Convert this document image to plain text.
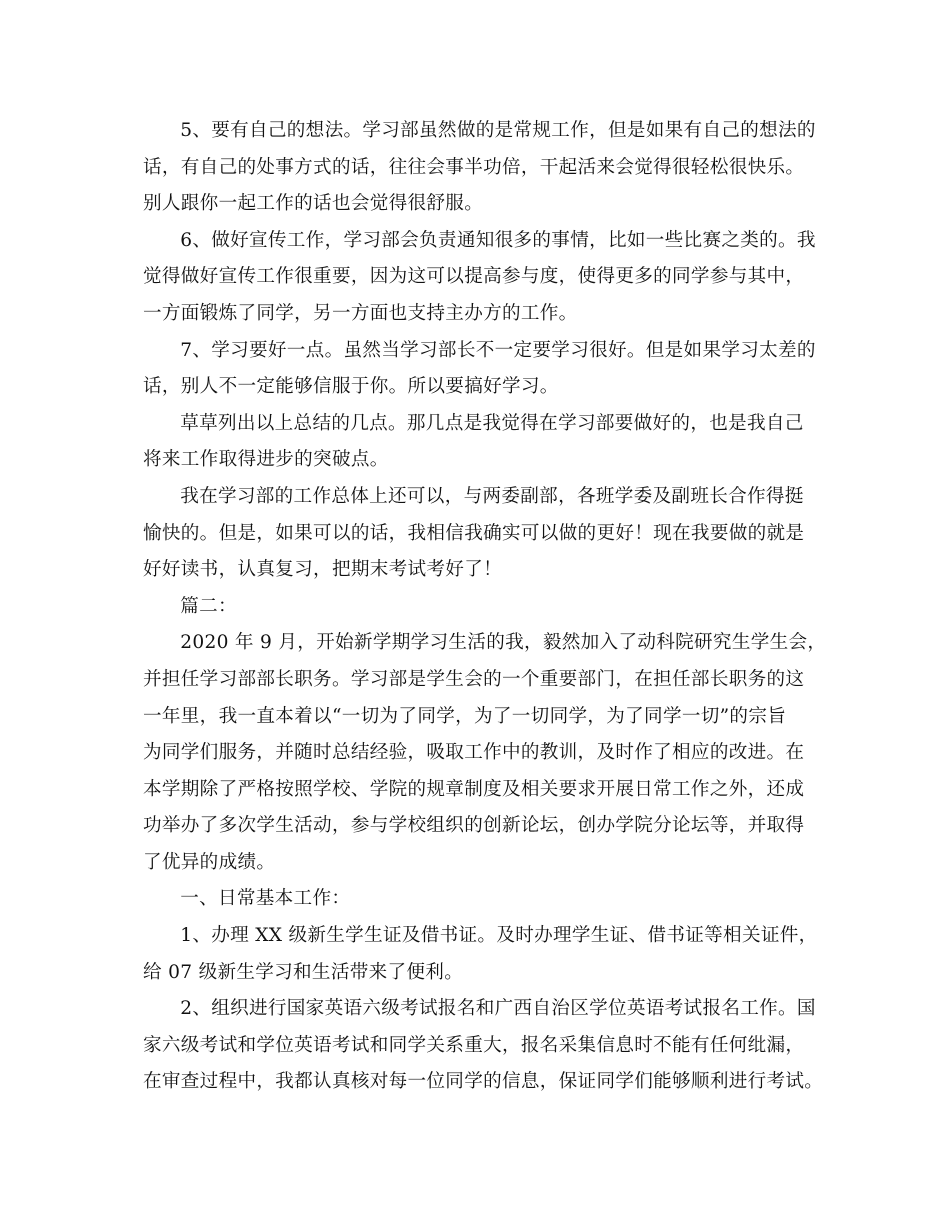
5、要有自己的想法。学习部虽然做的是常规工作，但是如果有自己的想法的
话，有自己的处事方式的话，往往会事半功倍，干起活来会觉得很轻松很快乐。
别人跟你一起工作的话也会觉得很舒服。

6、做好宣传工作，学习部会负责通知很多的事情，比如一些比赛之类的。我
觉得做好宣传工作很重要，因为这可以提高参与度，使得更多的同学参与其中，
一方面锻炼了同学，另一方面也支持主办方的工作。

7、学习要好一点。虽然当学习部长不一定要学习很好。但是如果学习太差的
话，别人不一定能够信服于你。所以要搞好学习。

草草列出以上总结的几点。那几点是我觉得在学习部要做好的，也是我自己
将来工作取得进步的突破点。

我在学习部的工作总体上还可以，与两委副部，各班学委及副班长合作得挺
愉快的。但是，如果可以的话，我相信我确实可以做的更好！现在我要做的就是
好好读书，认真复习，把期末考试考好了！

篇二：

2020 年 9 月，开始新学期学习生活的我，毅然加入了动科院研究生学生会，
并担任学习部部长职务。学习部是学生会的一个重要部门，在担任部长职务的这
一年里，我一直本着以“一切为了同学，为了一切同学，为了同学一切”的宗旨
为同学们服务，并随时总结经验，吸取工作中的教训，及时作了相应的改进。在
本学期除了严格按照学校、学院的规章制度及相关要求开展日常工作之外，还成
功举办了多次学生活动，参与学校组织的创新论坛，创办学院分论坛等，并取得
了优异的成绩。

一、日常基本工作：

1、办理 XX 级新生学生证及借书证。及时办理学生证、借书证等相关证件，
给 07 级新生学习和生活带来了便利。

2、组织进行国家英语六级考试报名和广西自治区学位英语考试报名工作。国
家六级考试和学位英语考试和同学关系重大，报名采集信息时不能有任何纰漏，
在审查过程中，我都认真核对每一位同学的信息，保证同学们能够顺利进行考试。
